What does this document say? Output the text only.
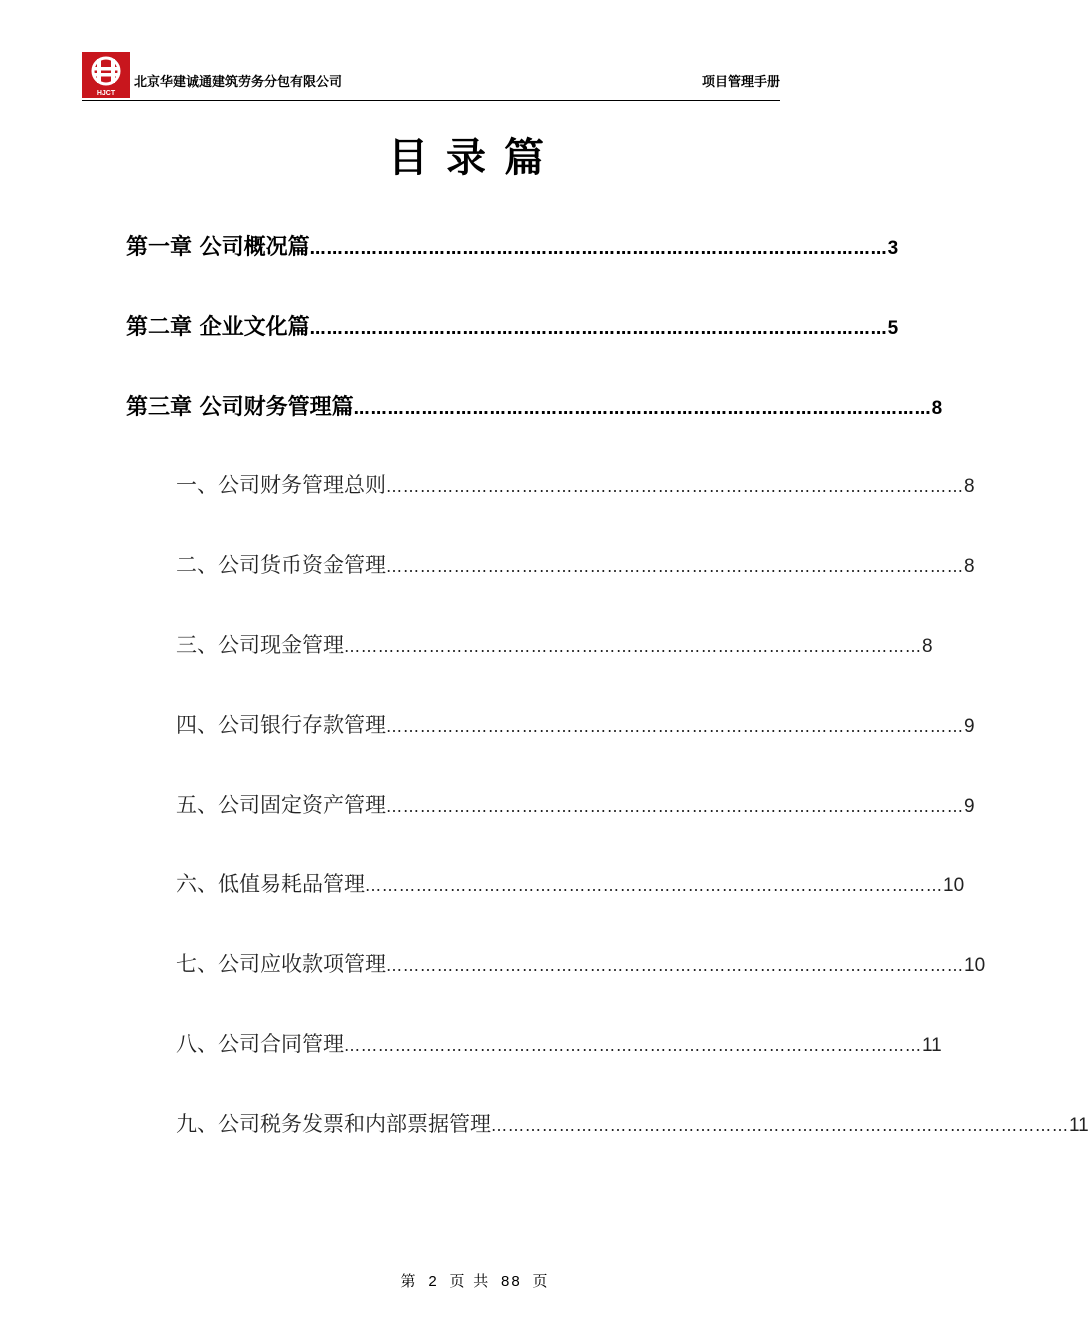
HJCT
北京华建诚通建筑劳务分包有限公司	项目管理手册
目录篇
第一章 公司概况篇 ………………………………………………………………………………………… 3
第二章 企业文化篇 ………………………………………………………………………………………… 5
第三章 公司财务管理篇 ………………………………………………………………………………………… 8
一、公司财务管理总则 ………………………………………………………………………………………… 8
二、公司货币资金管理 ………………………………………………………………………………………… 8
三、公司现金管理 ………………………………………………………………………………………… 8
四、公司银行存款管理 ………………………………………………………………………………………… 9
五、公司固定资产管理 ………………………………………………………………………………………… 9
六、低值易耗品管理 ………………………………………………………………………………………… 10
七、公司应收款项管理 ………………………………………………………………………………………… 10
八、公司合同管理 ………………………………………………………………………………………… 11
九、公司税务发票和内部票据管理 ………………………………………………………………………………………… 11
第 2 页 共 88 页
